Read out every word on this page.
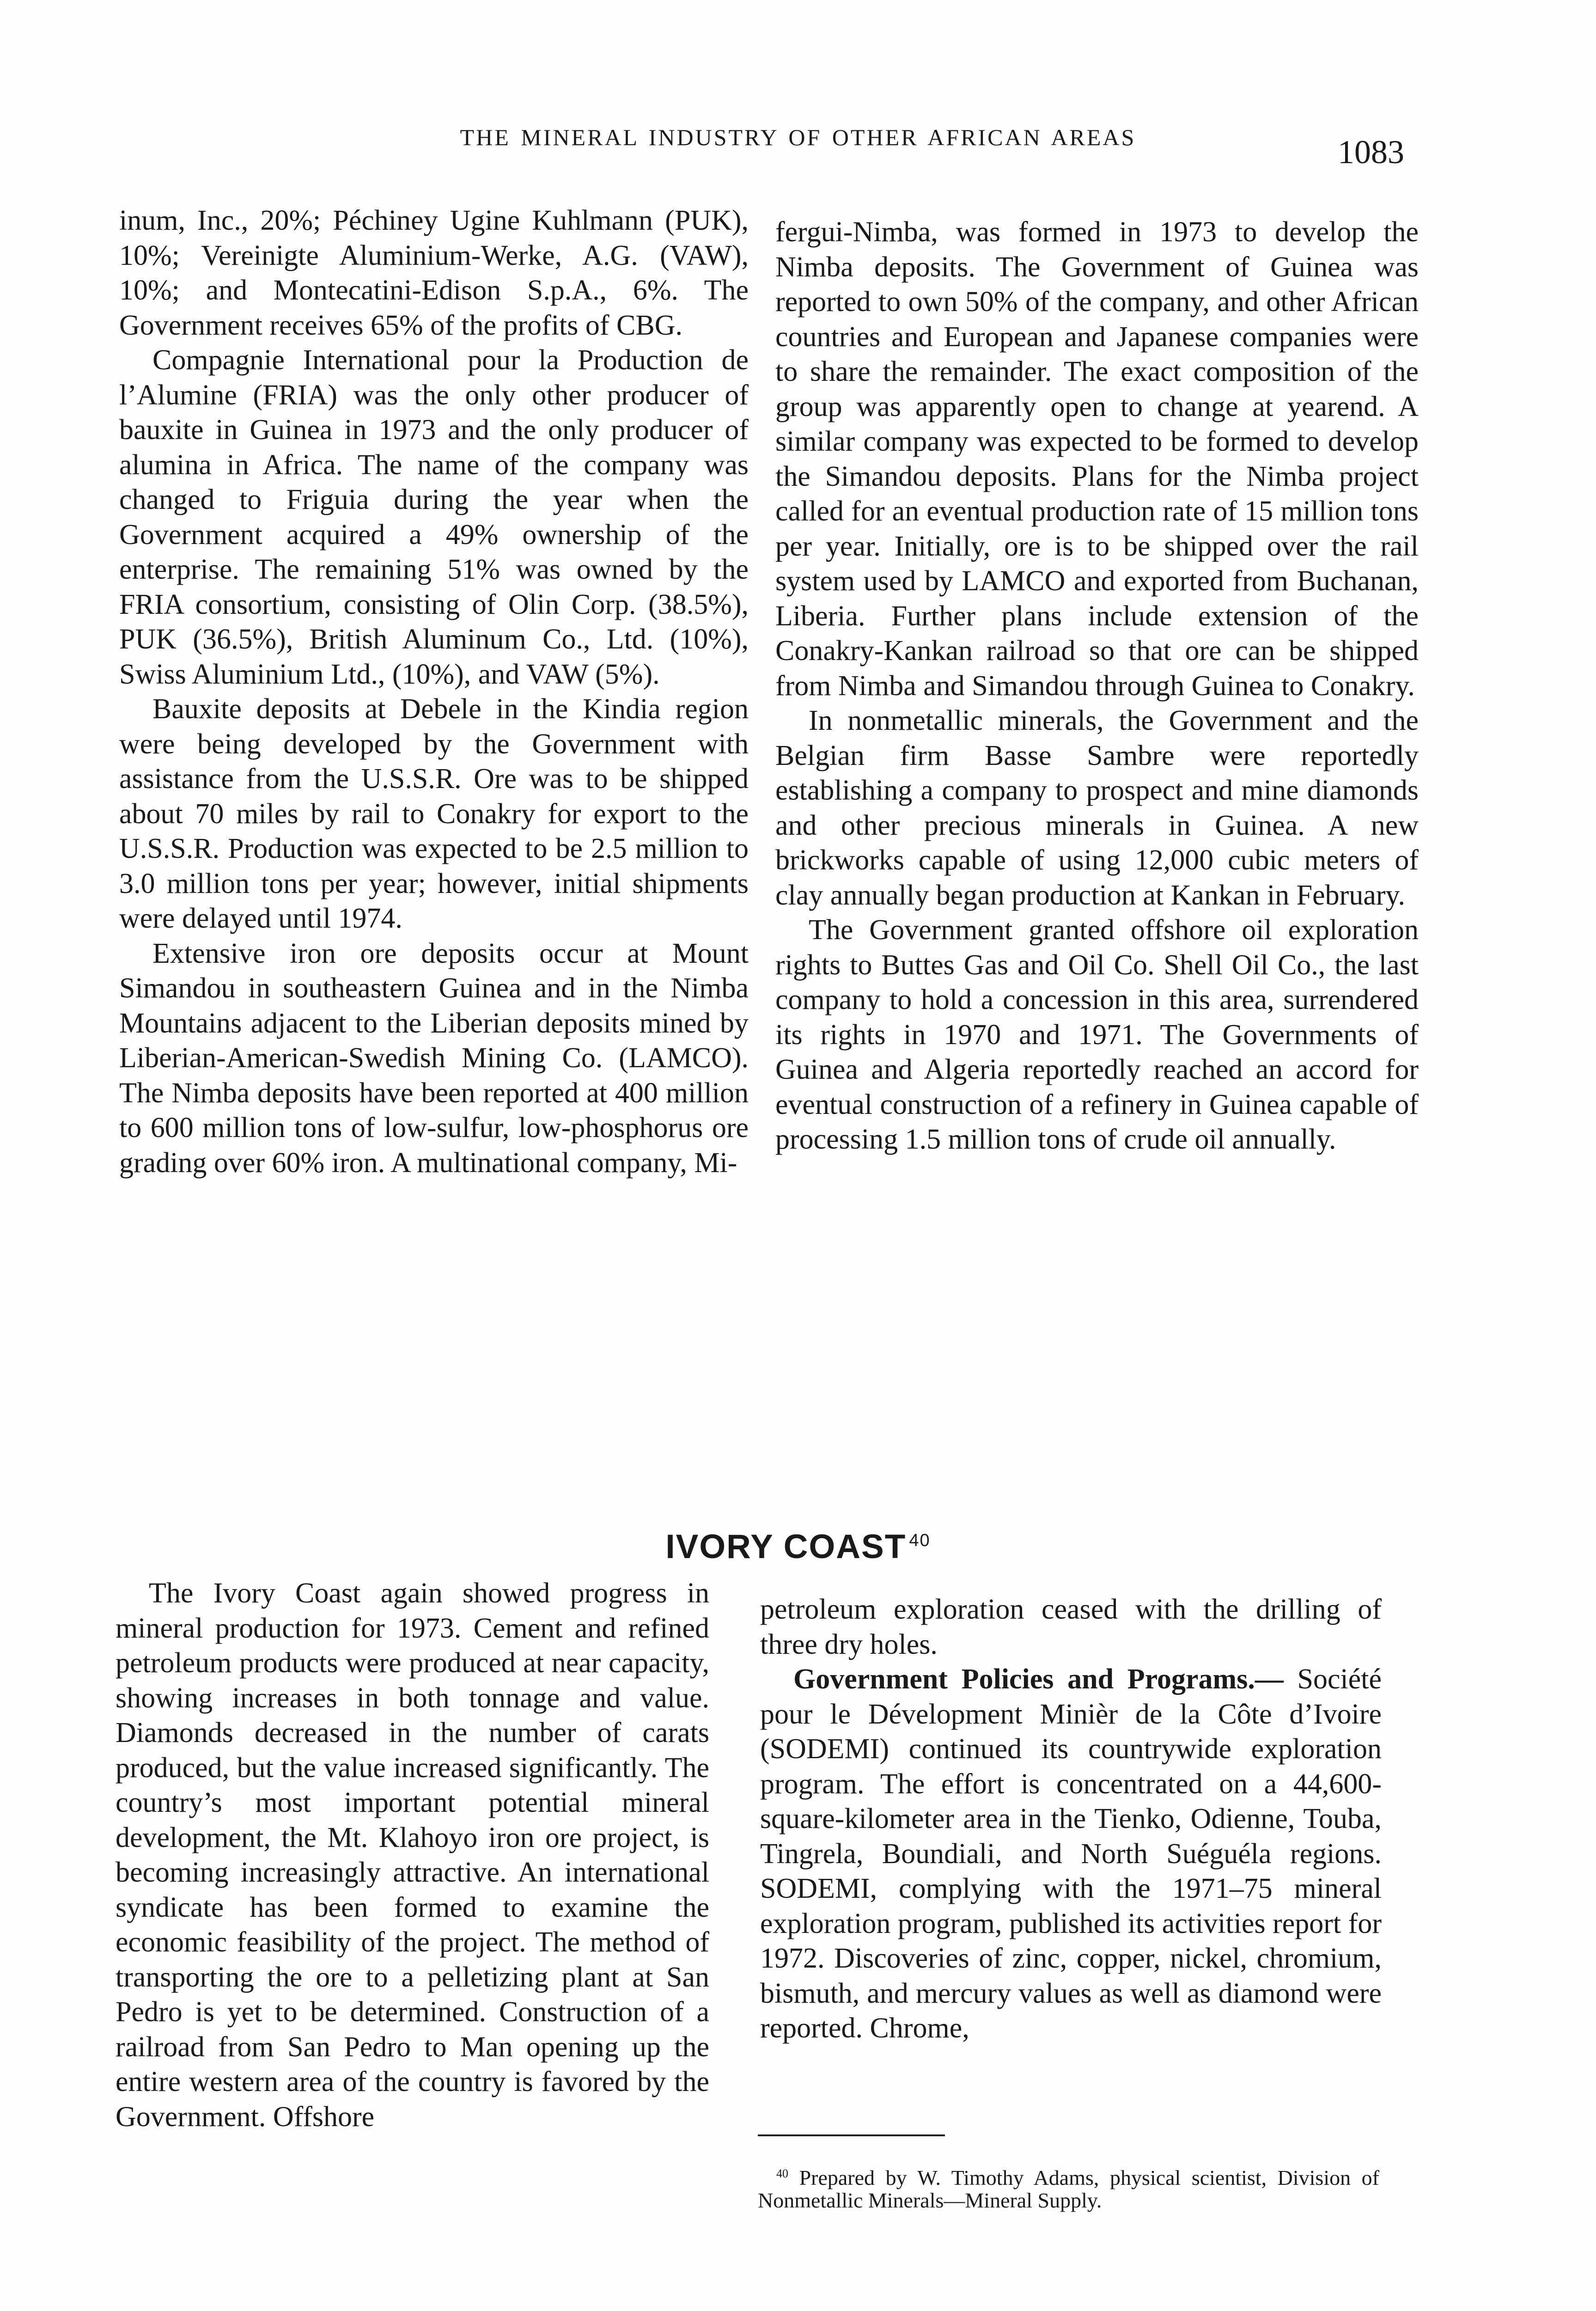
THE MINERAL INDUSTRY OF OTHER AFRICAN AREAS	1083

inum, Inc., 20%; Péchiney Ugine Kuhlmann (PUK), 10%; Vereinigte Aluminium-Werke, A.G. (VAW), 10%; and Montecatini-Edison S.p.A., 6%. The Government receives 65% of the profits of CBG.

Compagnie International pour la Production de l’Alumine (FRIA) was the only other producer of bauxite in Guinea in 1973 and the only producer of alumina in Africa. The name of the company was changed to Friguia during the year when the Government acquired a 49% ownership of the enterprise. The remaining 51% was owned by the FRIA consortium, consisting of Olin Corp. (38.5%), PUK (36.5%), British Aluminum Co., Ltd. (10%), Swiss Aluminium Ltd., (10%), and VAW (5%).

Bauxite deposits at Debele in the Kindia region were being developed by the Government with assistance from the U.S.S.R. Ore was to be shipped about 70 miles by rail to Conakry for export to the U.S.S.R. Production was expected to be 2.5 million to 3.0 million tons per year; however, initial shipments were delayed until 1974.

Extensive iron ore deposits occur at Mount Simandou in southeastern Guinea and in the Nimba Mountains adjacent to the Liberian deposits mined by Liberian-American-Swedish Mining Co. (LAMCO). The Nimba deposits have been reported at 400 million to 600 million tons of low-sulfur, low-phosphorus ore grading over 60% iron. A multinational company, Mi-

fergui-Nimba, was formed in 1973 to develop the Nimba deposits. The Government of Guinea was reported to own 50% of the company, and other African countries and European and Japanese companies were to share the remainder. The exact composition of the group was apparently open to change at yearend. A similar company was expected to be formed to develop the Simandou deposits. Plans for the Nimba project called for an eventual production rate of 15 million tons per year. Initially, ore is to be shipped over the rail system used by LAMCO and exported from Buchanan, Liberia. Further plans include extension of the Conakry-Kankan railroad so that ore can be shipped from Nimba and Simandou through Guinea to Conakry.

In nonmetallic minerals, the Government and the Belgian firm Basse Sambre were reportedly establishing a company to prospect and mine diamonds and other precious minerals in Guinea. A new brickworks capable of using 12,000 cubic meters of clay annually began production at Kankan in February.

The Government granted offshore oil exploration rights to Buttes Gas and Oil Co. Shell Oil Co., the last company to hold a concession in this area, surrendered its rights in 1970 and 1971. The Governments of Guinea and Algeria reportedly reached an accord for eventual construction of a refinery in Guinea capable of processing 1.5 million tons of crude oil annually.

IVORY COAST $^{40}$

The Ivory Coast again showed progress in mineral production for 1973. Cement and refined petroleum products were produced at near capacity, showing increases in both tonnage and value. Diamonds decreased in the number of carats produced, but the value increased significantly. The country’s most important potential mineral development, the Mt. Klahoyo iron ore project, is becoming increasingly attractive. An international syndicate has been formed to examine the economic feasibility of the project. The method of transporting the ore to a pelletizing plant at San Pedro is yet to be determined. Construction of a railroad from San Pedro to Man opening up the entire western area of the country is favored by the Government. Offshore

petroleum exploration ceased with the drilling of three dry holes.

Government Policies and Programs.— Société pour le Dévelopment Minièr de la Côte d’Ivoire (SODEMI) continued its countrywide exploration program. The effort is concentrated on a 44,600-square-kilometer area in the Tienko, Odienne, Touba, Tingrela, Boundiali, and North Suéguéla regions. SODEMI, complying with the 1971–75 mineral exploration program, published its activities report for 1972. Discoveries of zinc, copper, nickel, chromium, bismuth, and mercury values as well as diamond were reported. Chrome,

$^{40}$ Prepared by W. Timothy Adams, physical scientist, Division of Nonmetallic Minerals—Mineral Supply.
